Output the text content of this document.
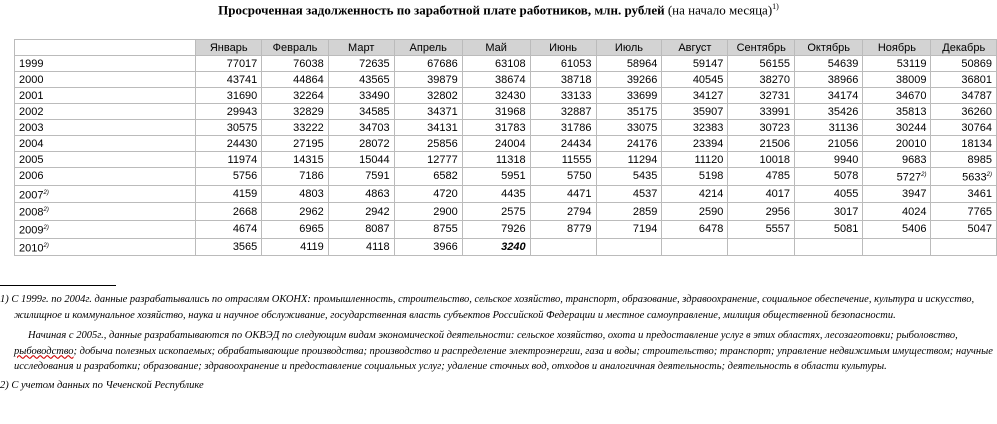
Просроченная задолженность по заработной плате работников, млн. рублей (на начало месяца)$^{1)}$
	Январь	Февраль	Март	Апрель	Май	Июнь	Июль	Август	Сентябрь	Октябрь	Ноябрь	Декабрь
1999	77017	76038	72635	67686	63108	61053	58964	59147	56155	54639	53119	50869
2000	43741	44864	43565	39879	38674	38718	39266	40545	38270	38966	38009	36801
2001	31690	32264	33490	32802	32430	33133	33699	34127	32731	34174	34670	34787
2002	29943	32829	34585	34371	31968	32887	35175	35907	33991	35426	35813	36260
2003	30575	33222	34703	34131	31783	31786	33075	32383	30723	31136	30244	30764
2004	24430	27195	28072	25856	24004	24434	24176	23394	21506	21056	20010	18134
2005	11974	14315	15044	12777	11318	11555	11294	11120	10018	9940	9683	8985
2006	5756	7186	7591	6582	5951	5750	5435	5198	4785	5078	5727$^{2)}$	5633$^{2)}$
2007$^{2)}$	4159	4803	4863	4720	4435	4471	4537	4214	4017	4055	3947	3461
2008$^{2)}$	2668	2962	2942	2900	2575	2794	2859	2590	2956	3017	4024	7765
2009$^{2)}$	4674	6965	8087	8755	7926	8779	7194	6478	5557	5081	5406	5047
2010$^{2)}$	3565	4119	4118	3966	3240							

1) С 1999г. по 2004г. данные разрабатывались по отраслям ОКОНХ: промышленность, строительство, сельское хозяйство, транспорт, образование, здравоохранение, социальное обеспечение, культура и искусство, жилищное и коммунальное хозяйство, наука и научное обслуживание, государственная власть субъектов Российской Федерации и местное самоуправление, милиция общественной безопасности.

Начиная с 2005г., данные разрабатываются по ОКВЭД по следующим видам экономической деятельности: сельское хозяйство, охота и предоставление услуг в этих областях, лесозаготовки; рыболовство, рыбоводство; добыча полезных ископаемых; обрабатывающие производства; производство и распределение электроэнергии, газа и воды; строительство; транспорт; управление недвижимым имуществом; научные исследования и разработки; образование; здравоохранение и предоставление социальных услуг; удаление сточных вод, отходов и аналогичная деятельность; деятельность в области культуры.

2) С учетом данных по Чеченской Республике
